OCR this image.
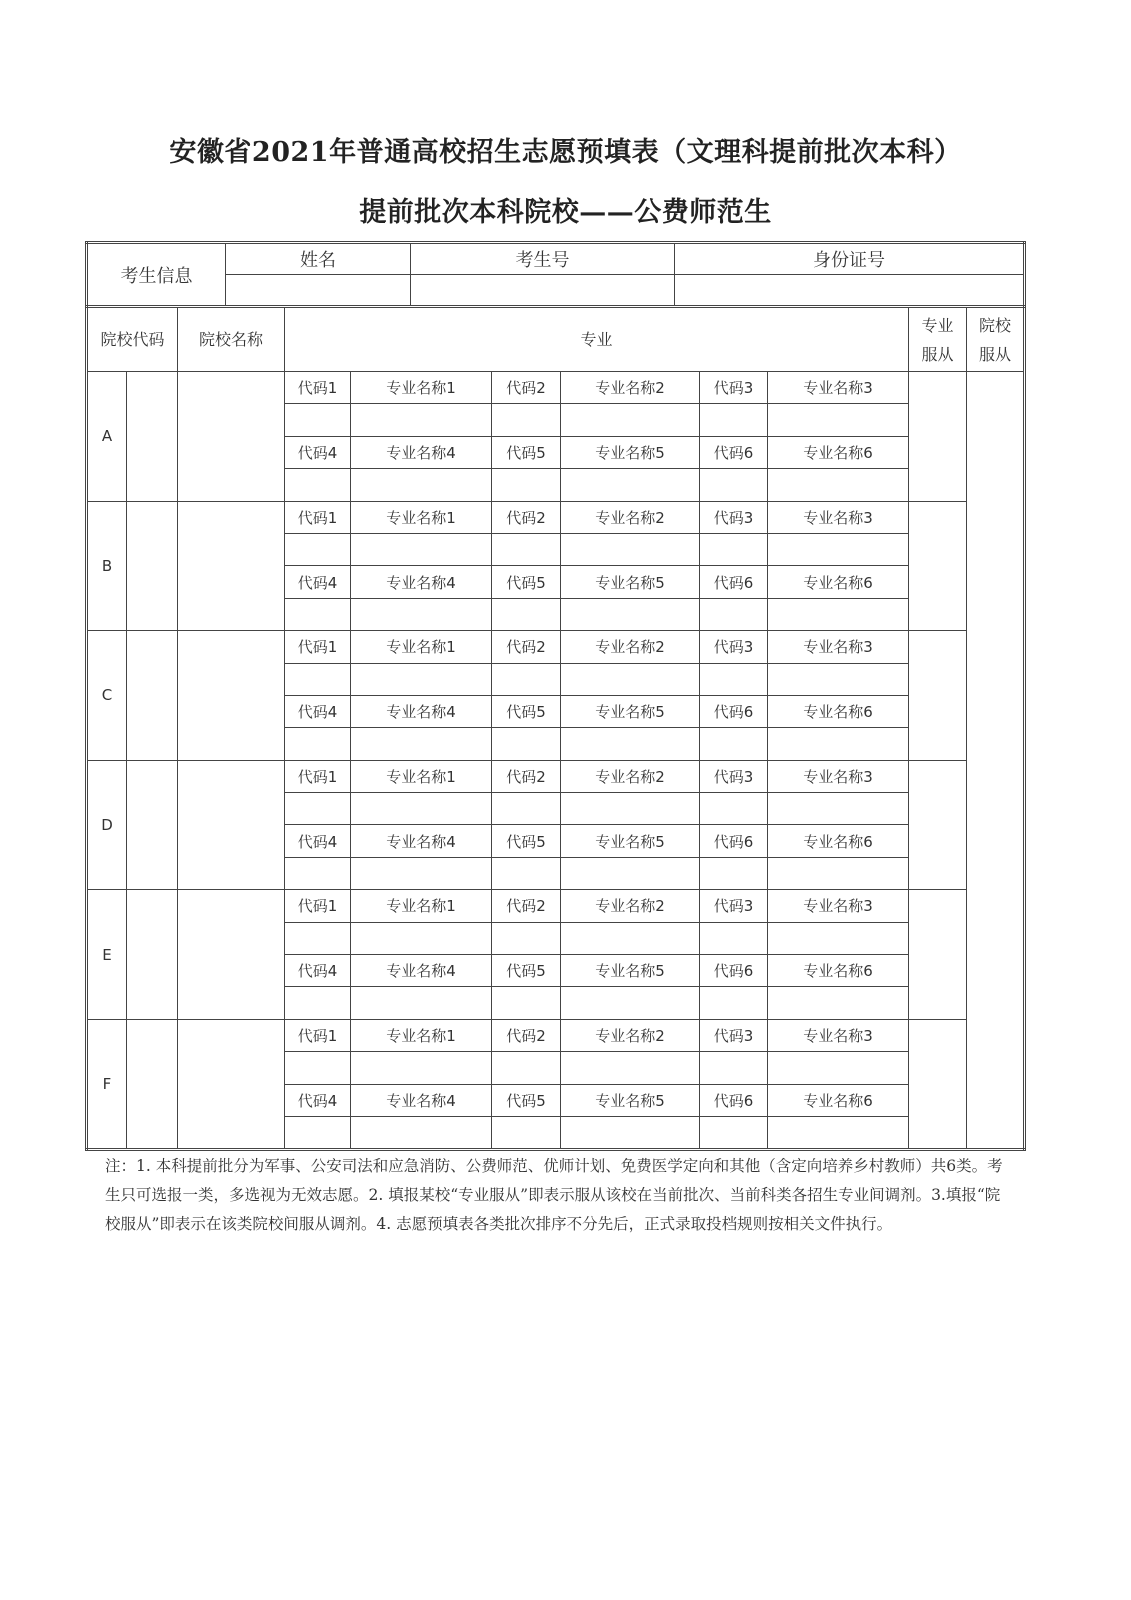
安徽省2021年普通高校招生志愿预填表（文理科提前批次本科）
提前批次本科院校——公费师范生
考生信息	姓名	考生号	身份证号

院校代码		院校名称	专业						专业服从	院校服从
A			代码1	专业名称1	代码2	专业名称2	代码3	专业名称3		

			代码4	专业名称4	代码5	专业名称5	代码6	专业名称6		

B			代码1	专业名称1	代码2	专业名称2	代码3	专业名称3		

			代码4	专业名称4	代码5	专业名称5	代码6	专业名称6		

C			代码1	专业名称1	代码2	专业名称2	代码3	专业名称3		

			代码4	专业名称4	代码5	专业名称5	代码6	专业名称6		

D			代码1	专业名称1	代码2	专业名称2	代码3	专业名称3		

			代码4	专业名称4	代码5	专业名称5	代码6	专业名称6		

E			代码1	专业名称1	代码2	专业名称2	代码3	专业名称3		

			代码4	专业名称4	代码5	专业名称5	代码6	专业名称6		

F			代码1	专业名称1	代码2	专业名称2	代码3	专业名称3		

			代码4	专业名称4	代码5	专业名称5	代码6	专业名称6		

注：1. 本科提前批分为军事、公安司法和应急消防、公费师范、优师计划、免费医学定向和其他（含定向培养乡村教师）共6类。考生只可选报一类，多选视为无效志愿。2. 填报某校“专业服从”即表示服从该校在当前批次、当前科类各招生专业间调剂。3.填报“院校服从”即表示在该类院校间服从调剂。4. 志愿预填表各类批次排序不分先后，正式录取投档规则按相关文件执行。
